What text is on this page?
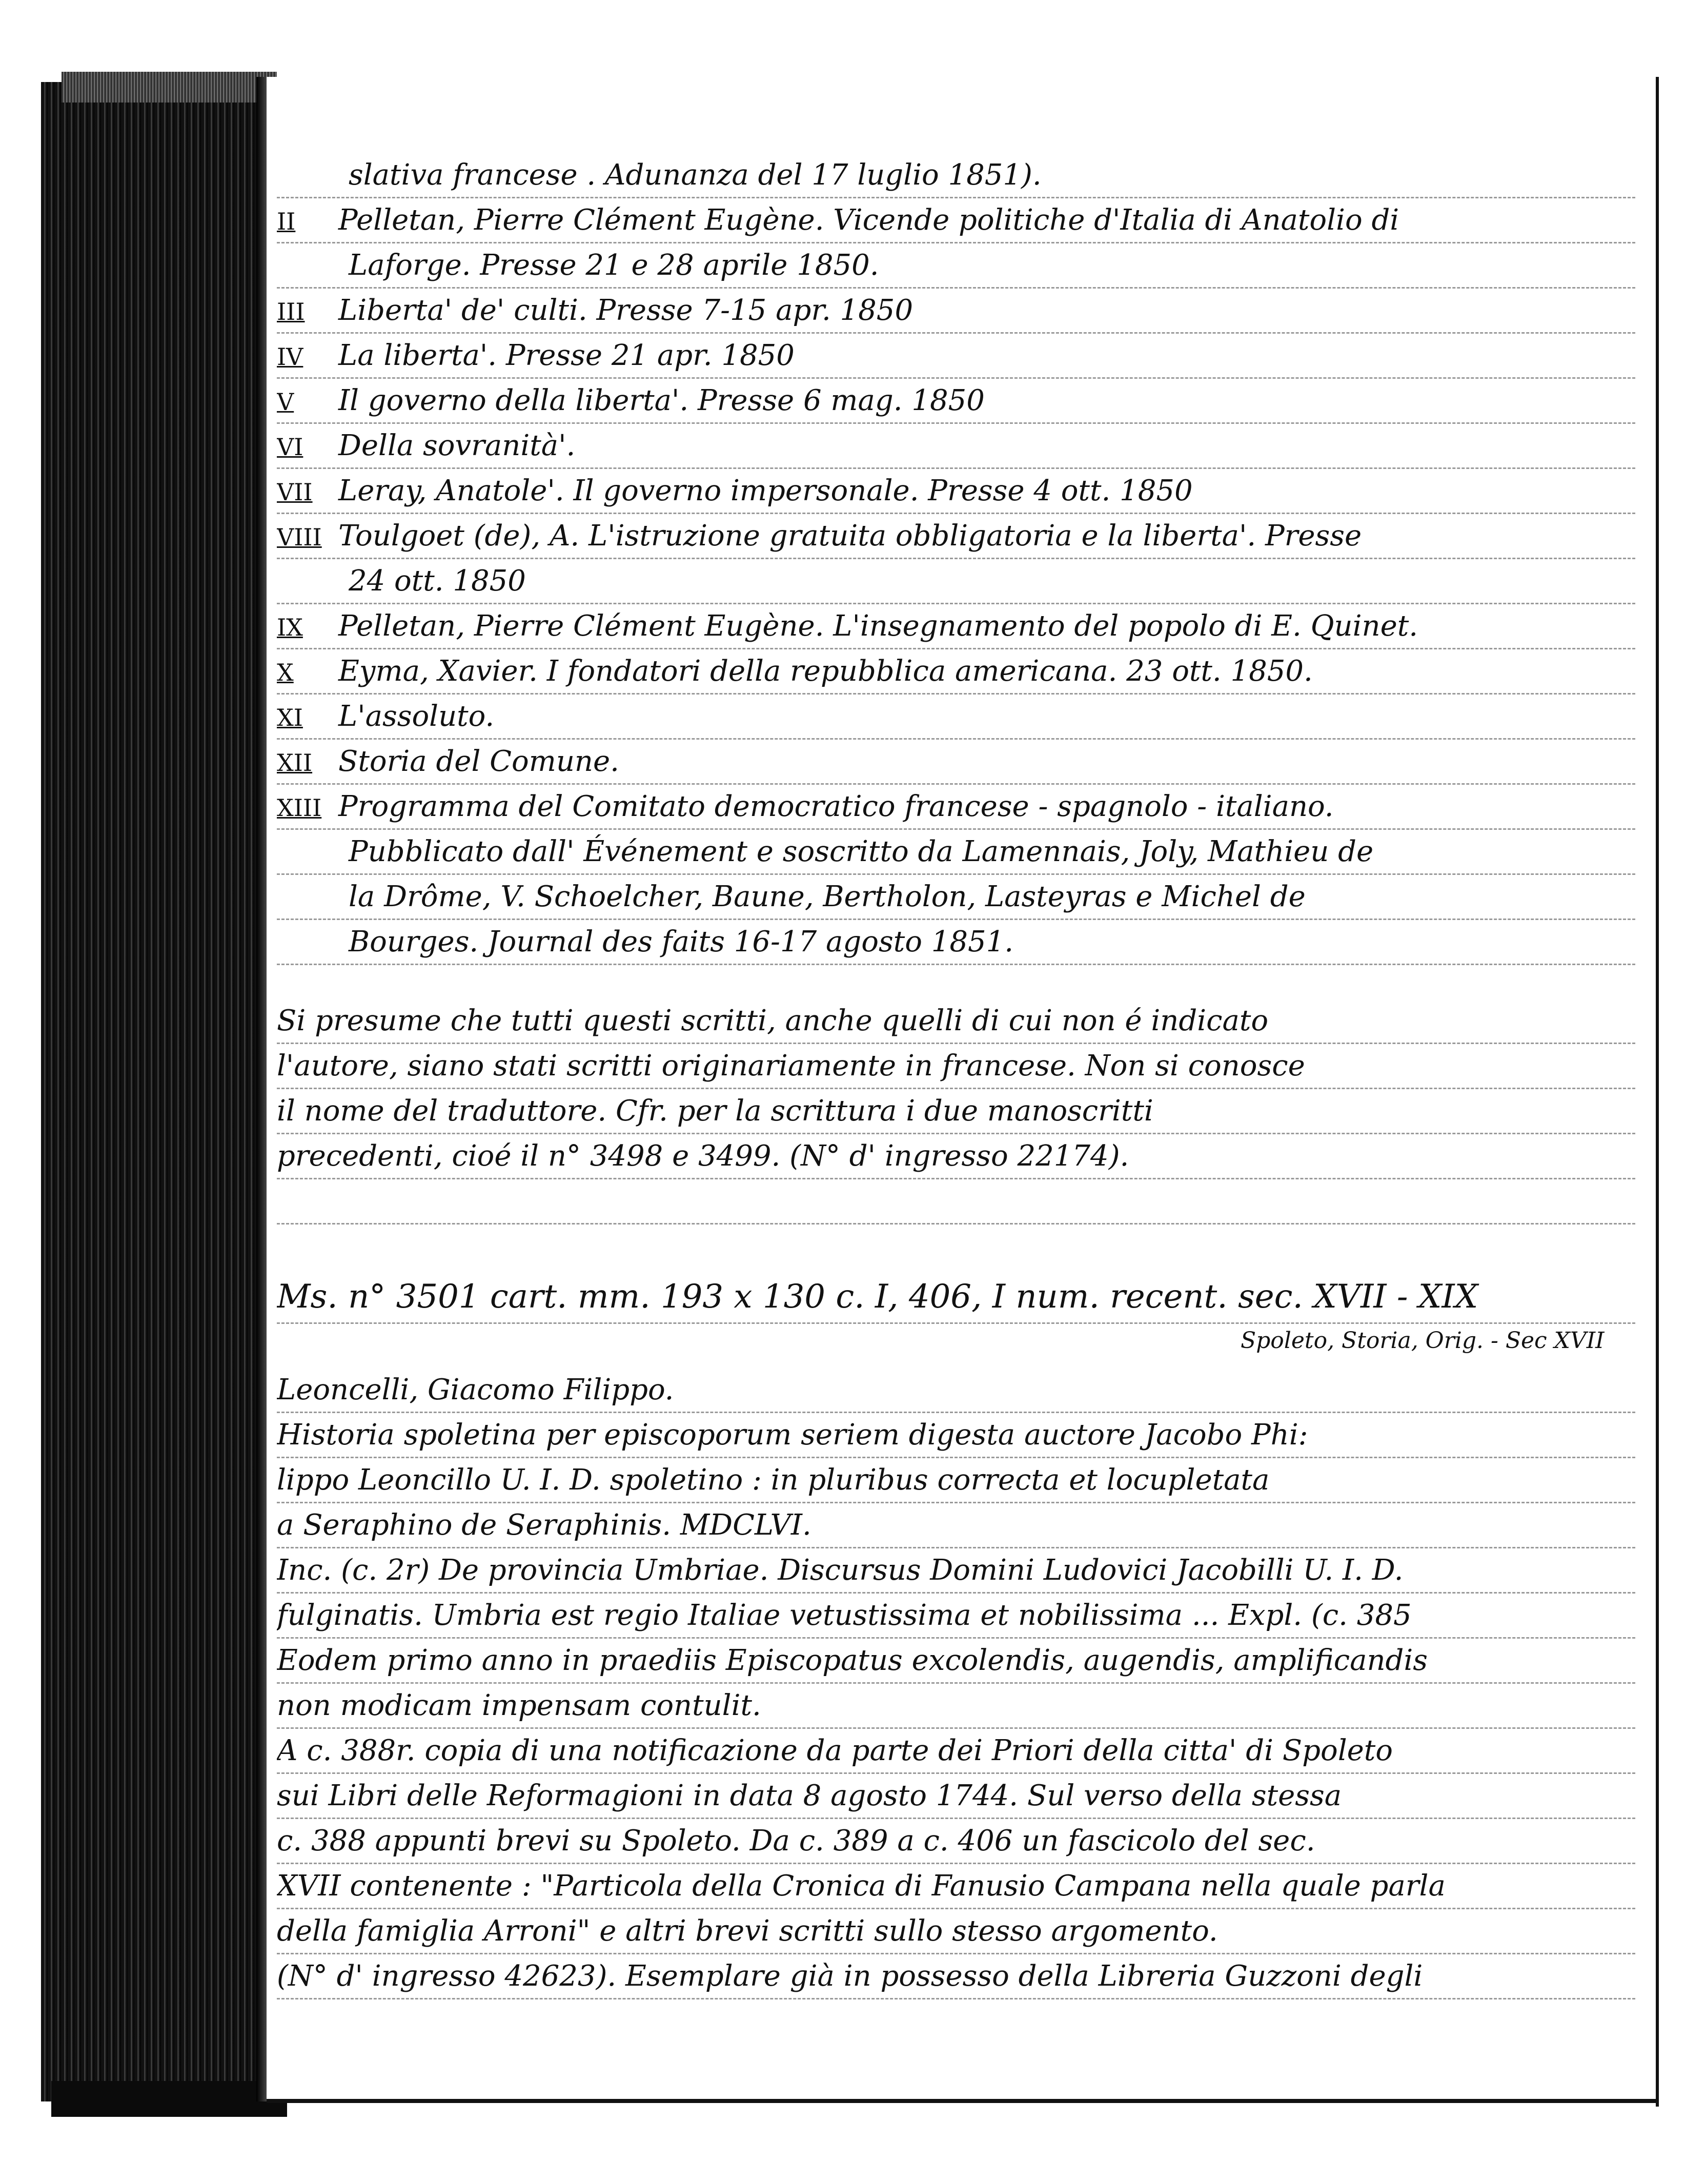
slativa francese . Adunanza del 17 luglio 1851).
II Pelletan, Pierre Clément Eugène. Vicende politiche d'Italia di Anatolio di
Laforge. Presse 21 e 28 aprile 1850.
III Liberta' de' culti. Presse 7-15 apr. 1850
IV La liberta'. Presse 21 apr. 1850
V Il governo della liberta'. Presse 6 mag. 1850
VI Della sovranità'.
VII Leray, Anatole'. Il governo impersonale. Presse 4 ott. 1850
VIII Toulgoet (de), A. L'istruzione gratuita obbligatoria e la liberta'. Presse
24 ott. 1850
IX Pelletan, Pierre Clément Eugène. L'insegnamento del popolo di E. Quinet.
X Eyma, Xavier. I fondatori della repubblica americana. 23 ott. 1850.
XI L'assoluto.
XII Storia del Comune.
XIII Programma del Comitato democratico francese - spagnolo - italiano.
Pubblicato dall' Événement e soscritto da Lamennais, Joly, Mathieu de
la Drôme, V. Schoelcher, Baune, Bertholon, Lasteyras e Michel de
Bourges. Journal des faits 16-17 agosto 1851.
Si presume che tutti questi scritti, anche quelli di cui non é indicato
l'autore, siano stati scritti originariamente in francese. Non si conosce
il nome del traduttore. Cfr. per la scrittura i due manoscritti
precedenti, cioé il n° 3498 e 3499. (N° d' ingresso 22174).
Ms. n° 3501 cart. mm. 193 x 130 c. I, 406, I num. recent. sec. XVII - XIX
Leoncelli, Giacomo Filippo.
Historia spoletina per episcoporum seriem digesta auctore Jacobo Phi:
lippo Leoncillo U. I. D. spoletino : in pluribus correcta et locupletata
a Seraphino de Seraphinis. MDCLVI.
Inc. (c. 2r) De provincia Umbriae. Discursus Domini Ludovici Jacobilli U. I. D.
fulginatis. Umbria est regio Italiae vetustissima et nobilissima ... Expl. (c. 385
Eodem primo anno in praediis Episcopatus excolendis, augendis, amplificandis
non modicam impensam contulit.
A c. 388r. copia di una notificazione da parte dei Priori della citta' di Spoleto
sui Libri delle Reformagioni in data 8 agosto 1744. Sul verso della stessa
c. 388 appunti brevi su Spoleto. Da c. 389 a c. 406 un fascicolo del sec.
XVII contenente : "Particola della Cronica di Fanusio Campana nella quale parla
della famiglia Arroni" e altri brevi scritti sullo stesso argomento.
(N° d' ingresso 42623). Esemplare già in possesso della Libreria Guzzoni degli
Spoleto, Storia, Orig. - Sec XVII
